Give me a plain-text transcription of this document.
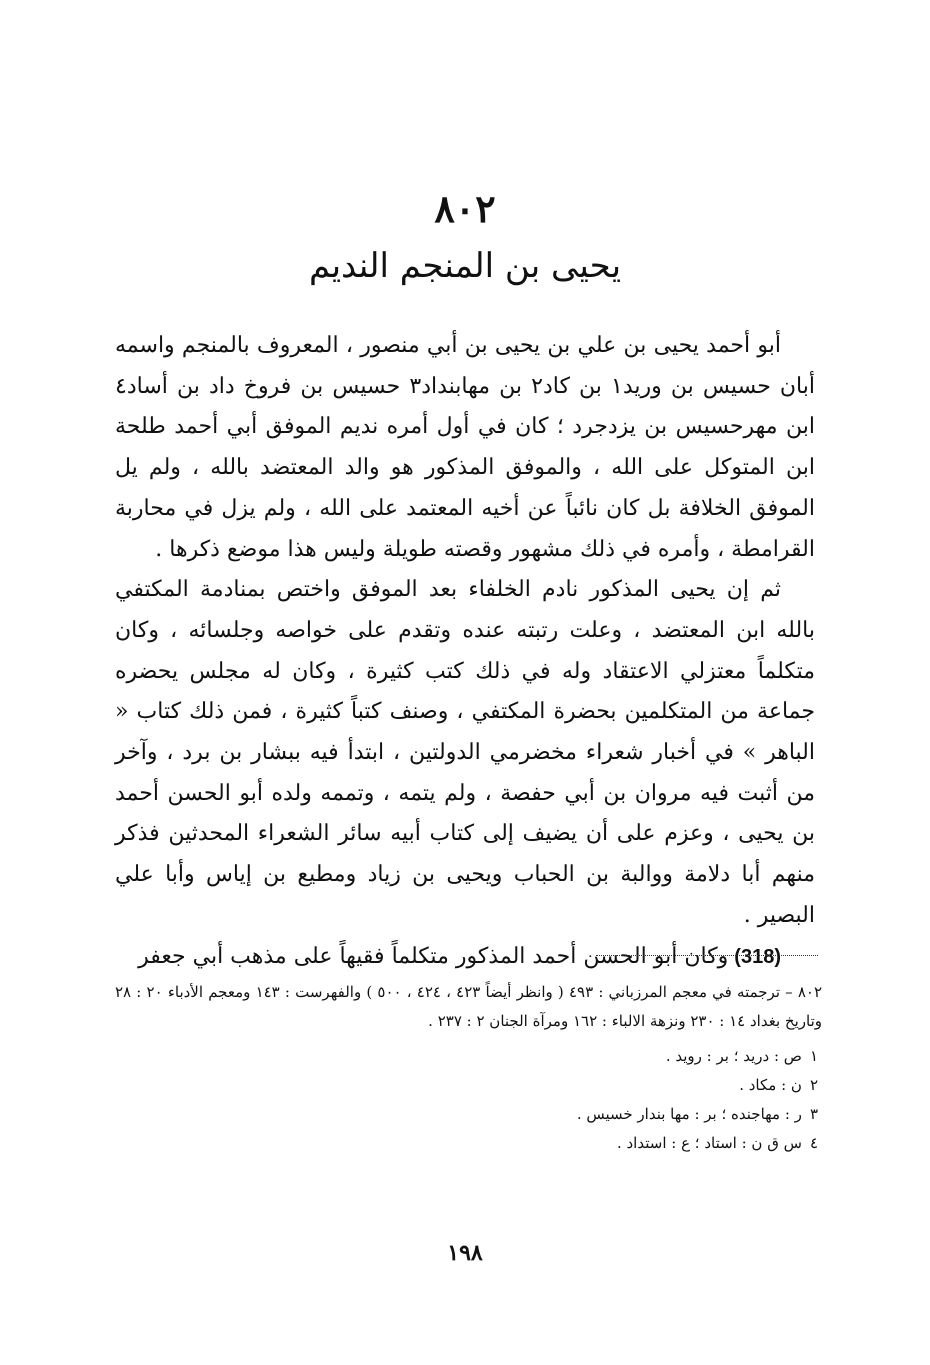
٨٠٢
يحيى بن المنجم النديم

أبو أحمد يحيى بن علي بن يحيى بن أبي منصور ، المعروف بالمنجم واسمه أبان حسيس بن وريد١ بن كاد٢ بن مهابنداد٣ حسيس بن فروخ داد بن أساد٤ ابن مهرحسيس بن يزدجرد ؛ كان في أول أمره نديم الموفق أبي أحمد طلحة ابن المتوكل على الله ، والموفق المذكور هو والد المعتضد بالله ، ولم يل الموفق الخلافة بل كان نائباً عن أخيه المعتمد على الله ، ولم يزل في محاربة القرامطة ، وأمره في ذلك مشهور وقصته طويلة وليس هذا موضع ذكرها .

ثم إن يحيى المذكور نادم الخلفاء بعد الموفق واختص بمنادمة المكتفي بالله ابن المعتضد ، وعلت رتبته عنده وتقدم على خواصه وجلسائه ، وكان متكلماً معتزلي الاعتقاد وله في ذلك كتب كثيرة ، وكان له مجلس يحضره جماعة من المتكلمين بحضرة المكتفي ، وصنف كتباً كثيرة ، فمن ذلك كتاب « الباهر » في أخبار شعراء مخضرمي الدولتين ، ابتدأ فيه ببشار بن برد ، وآخر من أثبت فيه مروان بن أبي حفصة ، ولم يتمه ، وتممه ولده أبو الحسن أحمد بن يحيى ، وعزم على أن يضيف إلى كتاب أبيه سائر الشعراء المحدثين فذكر منهم أبا دلامة ووالبة بن الحباب ويحيى بن زياد ومطيع بن إياس وأبا علي البصير .

(318)وكان أبو الحسن أحمد المذكور متكلماً فقيهاً على مذهب أبي جعفر

٨٠٢ – ترجمته في معجم المرزباني : ٤٩٣ ( وانظر أيضاً ٤٢٣ ، ٤٢٤ ، ٥٠٠ ) والفهرست : ١٤٣ ومعجم الأدباء ٢٠ : ٢٨ وتاريخ بغداد ١٤ : ٢٣٠ ونزهة الالباء : ١٦٢ ومرآة الجنان ٢ : ٢٣٧ .

١ص : دريد ؛ بر : رويد .

٢ن : مكاد .

٣ر : مهاجنده ؛ بر : مها بندار خسيس .

٤س ق ن : استاد ؛ ع : استداد .

١٩٨
